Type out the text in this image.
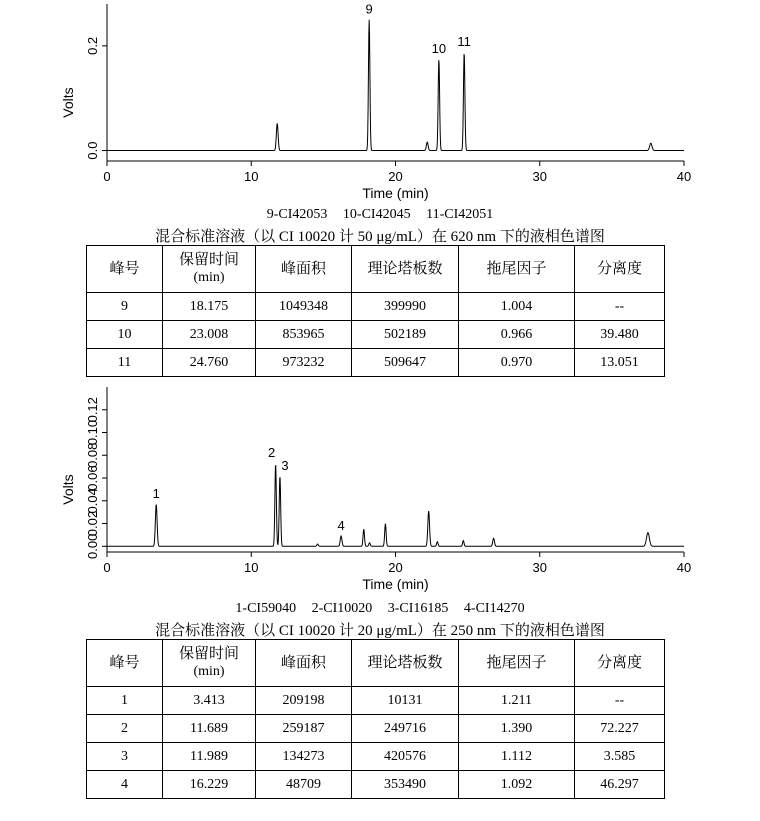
0	10	20	30	40
0.0
0.2
Time (min)
Volts
9
10 11
9-CI42053 10-CI42045 11-CI42051
混合标准溶液（以 CI 10020 计 50 μg/mL）在 620 nm 下的液相色谱图
峰号	保留时间
(min)	峰面积	理论塔板数	拖尾因子	分离度
9	18.175	1049348	399990	1.004	--
10	23.008	853965	502189	0.966	39.480
11	24.760	973232	509647	0.970	13.051
0	10	20	30	40
0.00
0.02
0.04
0.06
0.08
0.10
0.12
Time (min)
Volts	1
2
3
4
1-CI59040 2-CI10020 3-CI16185 4-CI14270
混合标准溶液（以 CI 10020 计 20 μg/mL）在 250 nm 下的液相色谱图
峰号	保留时间
(min)	峰面积	理论塔板数	拖尾因子	分离度
1	3.413	209198	10131	1.211	--
2	11.689	259187	249716	1.390	72.227
3	11.989	134273	420576	1.112	3.585
4	16.229	48709	353490	1.092	46.297
